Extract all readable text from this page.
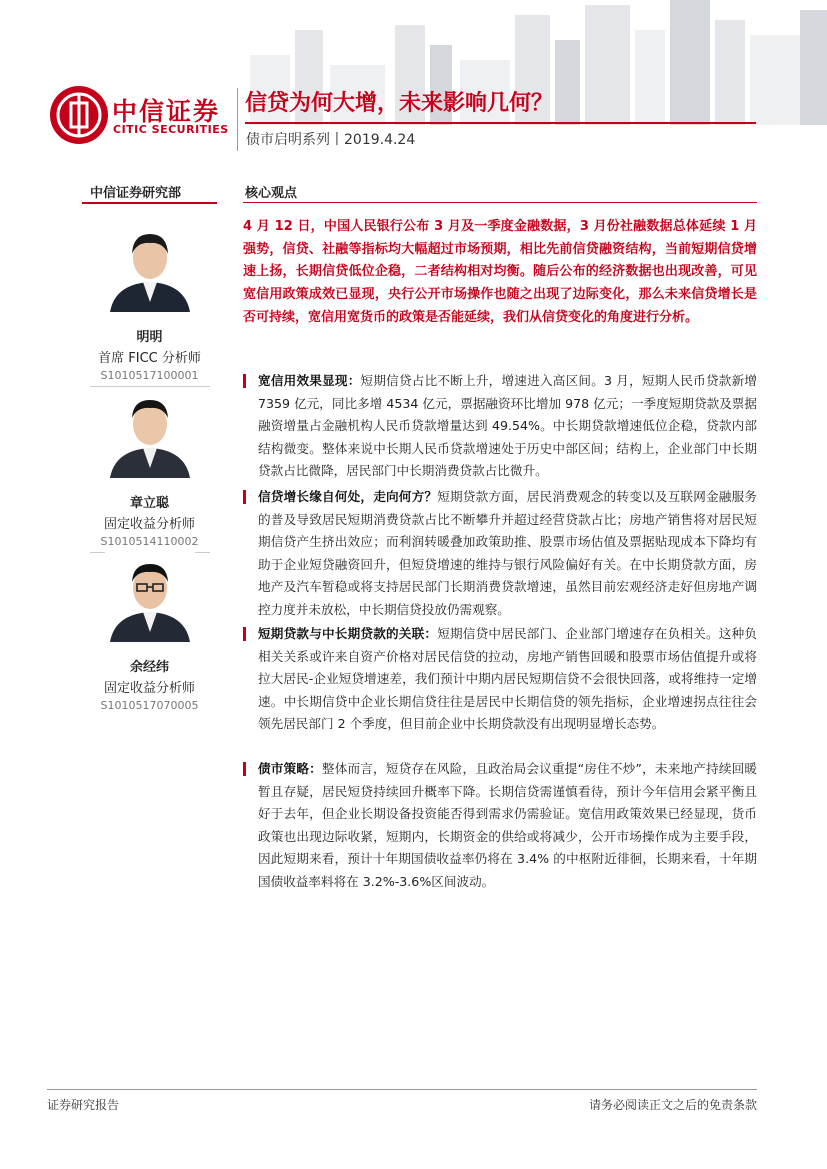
中信证券
CITIC SECURITIES
信贷为何大增，未来影响几何？
债市启明系列丨2019.4.24
中信证券研究部	核心观点
明明
首席 FICC 分析师
S1010517100001
章立聪
固定收益分析师
S1010514110002
余经纬
固定收益分析师
S1010517070005

4 月 12 日，中国人民银行公布 3 月及一季度金融数据，3 月份社融数据总体延续 1 月强势，信贷、社融等指标均大幅超过市场预期，相比先前信贷融资结构，当前短期信贷增速上扬，长期信贷低位企稳，二者结构相对均衡。随后公布的经济数据也出现改善，可见宽信用政策成效已显现，央行公开市场操作也随之出现了边际变化，那么未来信贷增长是否可持续，宽信用宽货币的政策是否能延续，我们从信贷变化的角度进行分析。

宽信用效果显现：短期信贷占比不断上升，增速进入高区间。3 月，短期人民币贷款新增 7359 亿元，同比多增 4534 亿元，票据融资环比增加 978 亿元；一季度短期贷款及票据融资增量占金融机构人民币贷款增量达到 49.54%。中长期贷款增速低位企稳，贷款内部结构微变。整体来说中长期人民币贷款增速处于历史中部区间；结构上，企业部门中长期贷款占比微降，居民部门中长期消费贷款占比微升。

信贷增长缘自何处，走向何方？短期贷款方面，居民消费观念的转变以及互联网金融服务的普及导致居民短期消费贷款占比不断攀升并超过经营贷款占比；房地产销售将对居民短期信贷产生挤出效应；而利润转暖叠加政策助推、股票市场估值及票据贴现成本下降均有助于企业短贷融资回升，但短贷增速的维持与银行风险偏好有关。在中长期贷款方面，房地产及汽车暂稳或将支持居民部门长期消费贷款增速，虽然目前宏观经济走好但房地产调控力度并未放松，中长期信贷投放仍需观察。

短期贷款与中长期贷款的关联：短期信贷中居民部门、企业部门增速存在负相关。这种负相关关系或许来自资产价格对居民信贷的拉动，房地产销售回暖和股票市场估值提升或将拉大居民-企业短贷增速差，我们预计中期内居民短期信贷不会很快回落，或将维持一定增速。中长期信贷中企业长期信贷往往是居民中长期信贷的领先指标，企业增速拐点往往会领先居民部门 2 个季度，但目前企业中长期贷款没有出现明显增长态势。

债市策略：整体而言，短贷存在风险，且政治局会议重提“房住不炒”，未来地产持续回暖暂且存疑，居民短贷持续回升概率下降。长期信贷需谨慎看待，预计今年信用会紧平衡且好于去年，但企业长期设备投资能否得到需求仍需验证。宽信用政策效果已经显现，货币政策也出现边际收紧，短期内，长期资金的供给或将减少，公开市场操作成为主要手段，因此短期来看，预计十年期国债收益率仍将在 3.4% 的中枢附近徘徊，长期来看，十年期国债收益率料将在 3.2%-3.6%区间波动。

证券研究报告	请务必阅读正文之后的免责条款
